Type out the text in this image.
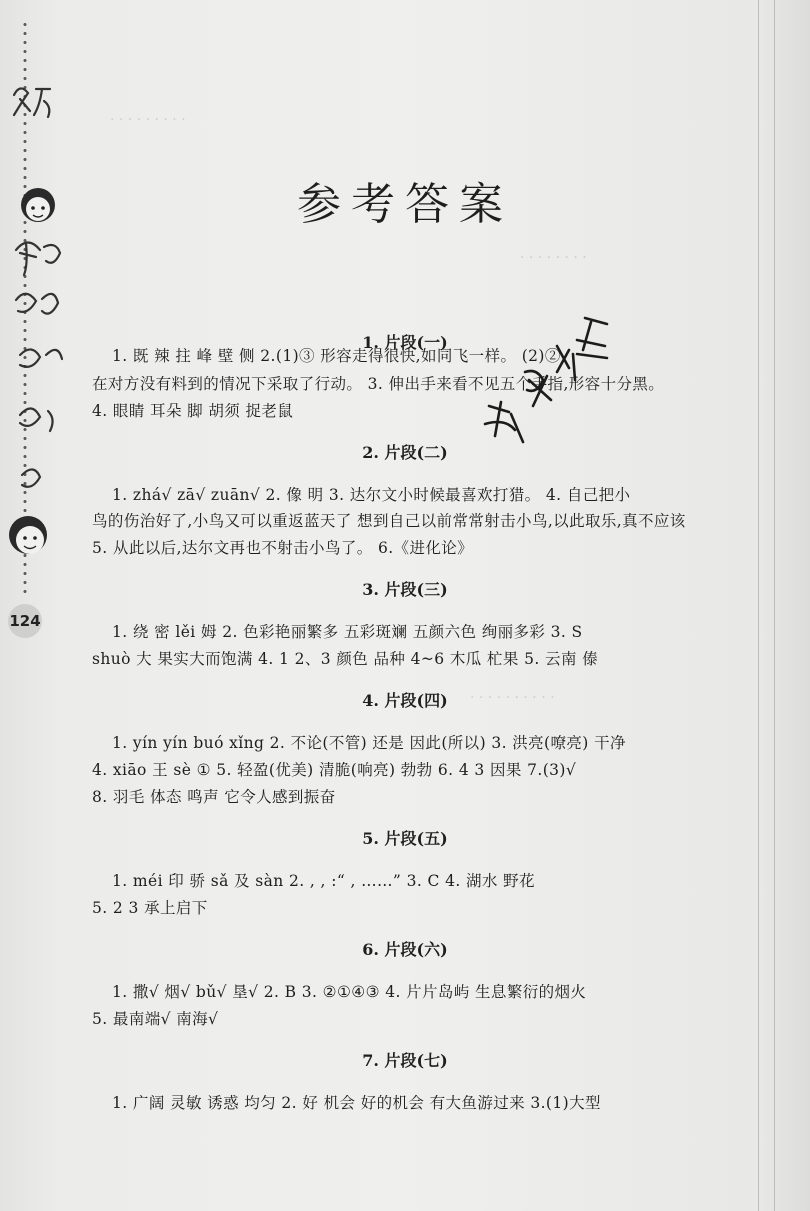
· · · · · · · · ·
· · · · · · · ·
· · · · · · · · · ·
124
参考答案
1. 片段(一)
1. 既 辣 拄 峰 壁 侧 2.(1)③ 形容走得很快,如同飞一样。 (2)②
在对方没有料到的情况下采取了行动。 3. 伸出手来看不见五个手指,形容十分黑。
4. 眼睛 耳朵 脚 胡须 捉老鼠
2. 片段(二)
1. zhá√ zā√ zuān√ 2. 像 明 3. 达尔文小时候最喜欢打猎。 4. 自己把小
鸟的伤治好了,小鸟又可以重返蓝天了 想到自己以前常常射击小鸟,以此取乐,真不应该
5. 从此以后,达尔文再也不射击小鸟了。 6.《进化论》
3. 片段(三)
1. 绕 密 lěi 姆 2. 色彩艳丽繁多 五彩斑斓 五颜六色 绚丽多彩 3. S
shuò 大 果实大而饱满 4. 1 2、3 颜色 品种 4~6 木瓜 杧果 5. 云南 傣
4. 片段(四)
1. yín yín buó xǐng 2. 不论(不管) 还是 因此(所以) 3. 洪亮(嘹亮) 干净
4. xiāo 王 sè ① 5. 轻盈(优美) 清脆(响亮) 勃勃 6. 4 3 因果 7.(3)√
8. 羽毛 体态 鸣声 它令人感到振奋
5. 片段(五)
1. méi 印 骄 sǎ 及 sàn 2. , , :“ , ……” 3. C 4. 湖水 野花
5. 2 3 承上启下
6. 片段(六)
1. 撒√ 烟√ bǔ√ 垦√ 2. B 3. ②①④③ 4. 片片岛屿 生息繁衍的烟火
5. 最南端√ 南海√
7. 片段(七)
1. 广阔 灵敏 诱惑 均匀 2. 好 机会 好的机会 有大鱼游过来 3.(1)大型
